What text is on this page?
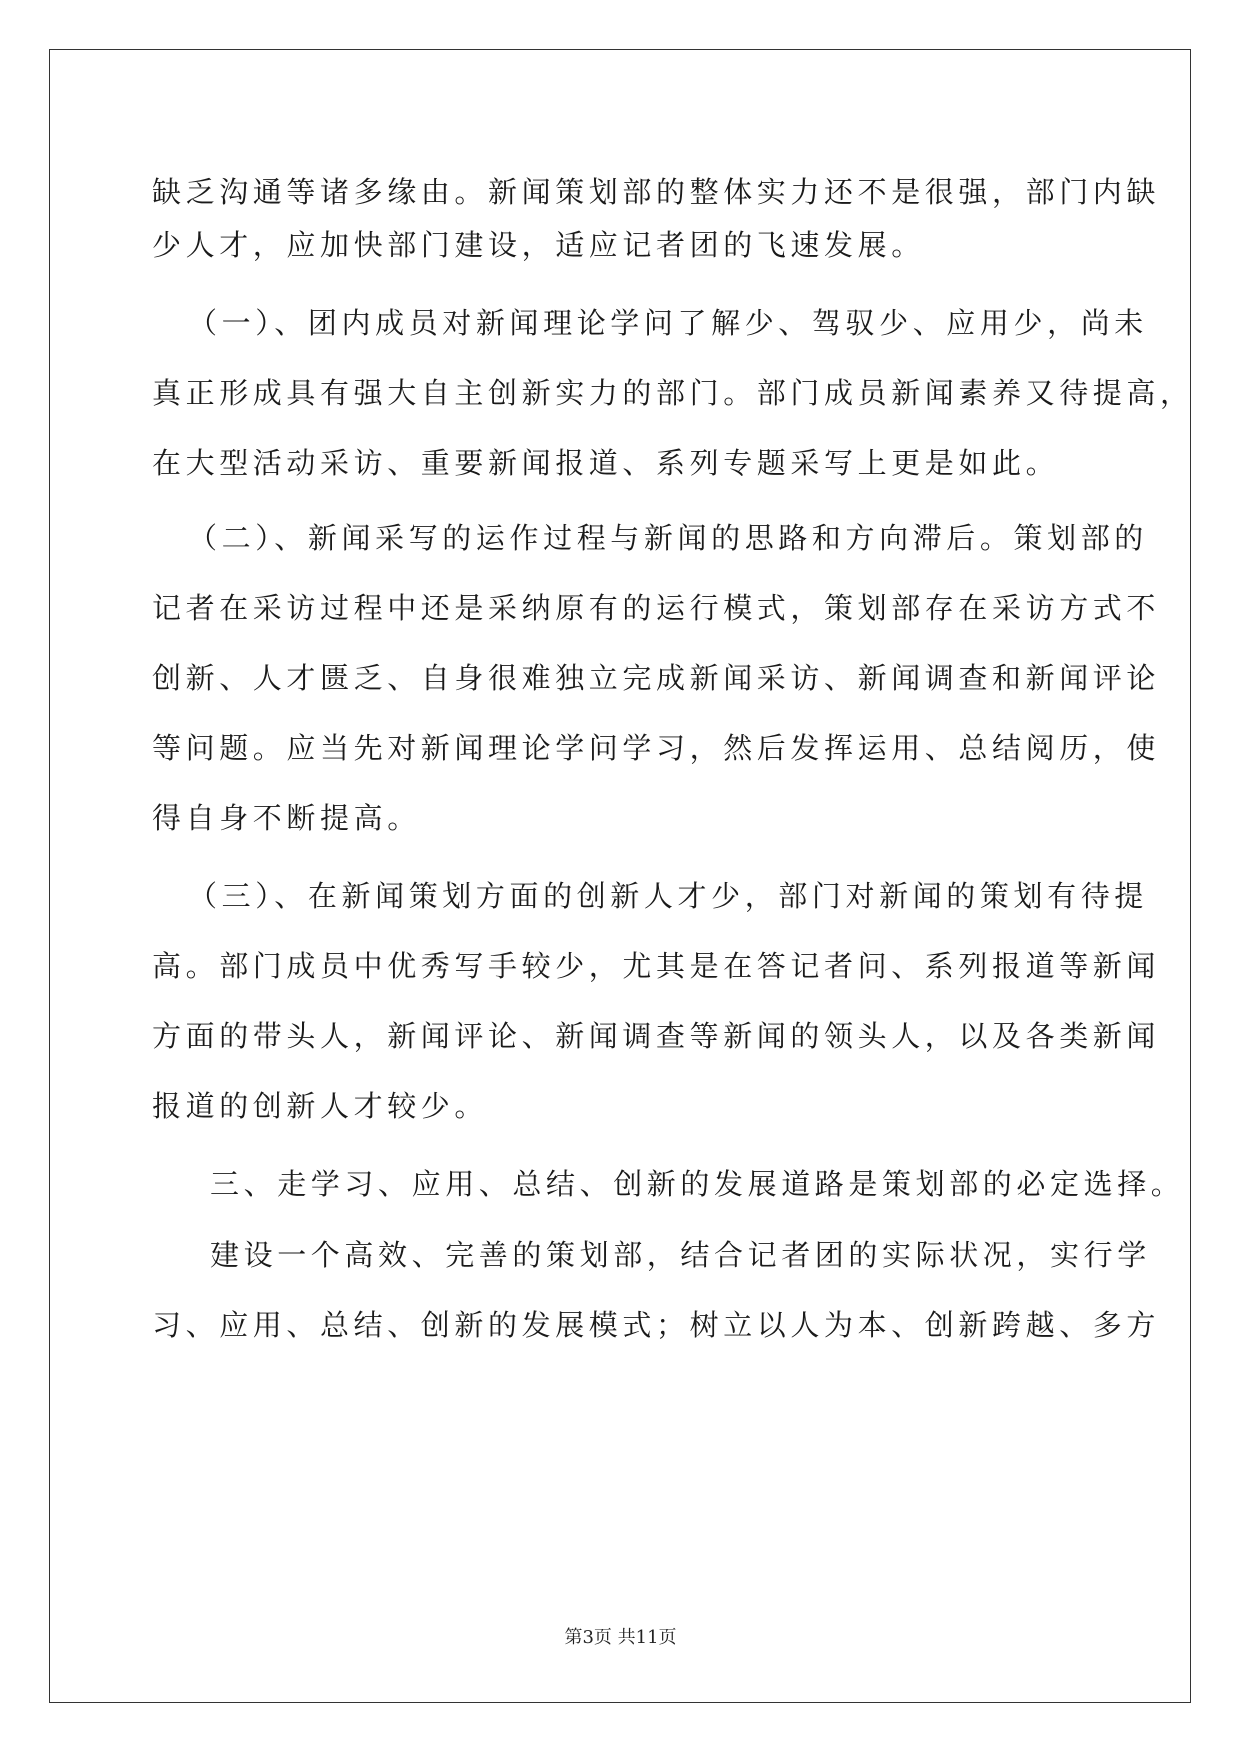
缺乏沟通等诸多缘由。新闻策划部的整体实力还不是很强，部门内缺
少人才，应加快部门建设，适应记者团的飞速发展。
（一）、团内成员对新闻理论学问了解少、驾驭少、应用少，尚未
真正形成具有强大自主创新实力的部门。部门成员新闻素养又待提高，
在大型活动采访、重要新闻报道、系列专题采写上更是如此。
（二）、新闻采写的运作过程与新闻的思路和方向滞后。策划部的
记者在采访过程中还是采纳原有的运行模式，策划部存在采访方式不
创新、人才匮乏、自身很难独立完成新闻采访、新闻调查和新闻评论
等问题。应当先对新闻理论学问学习，然后发挥运用、总结阅历，使
得自身不断提高。
（三）、在新闻策划方面的创新人才少，部门对新闻的策划有待提
高。部门成员中优秀写手较少，尤其是在答记者问、系列报道等新闻
方面的带头人，新闻评论、新闻调查等新闻的领头人，以及各类新闻
报道的创新人才较少。
三、走学习、应用、总结、创新的发展道路是策划部的必定选择。
建设一个高效、完善的策划部，结合记者团的实际状况，实行学
习、应用、总结、创新的发展模式；树立以人为本、创新跨越、多方
第3页 共11页
